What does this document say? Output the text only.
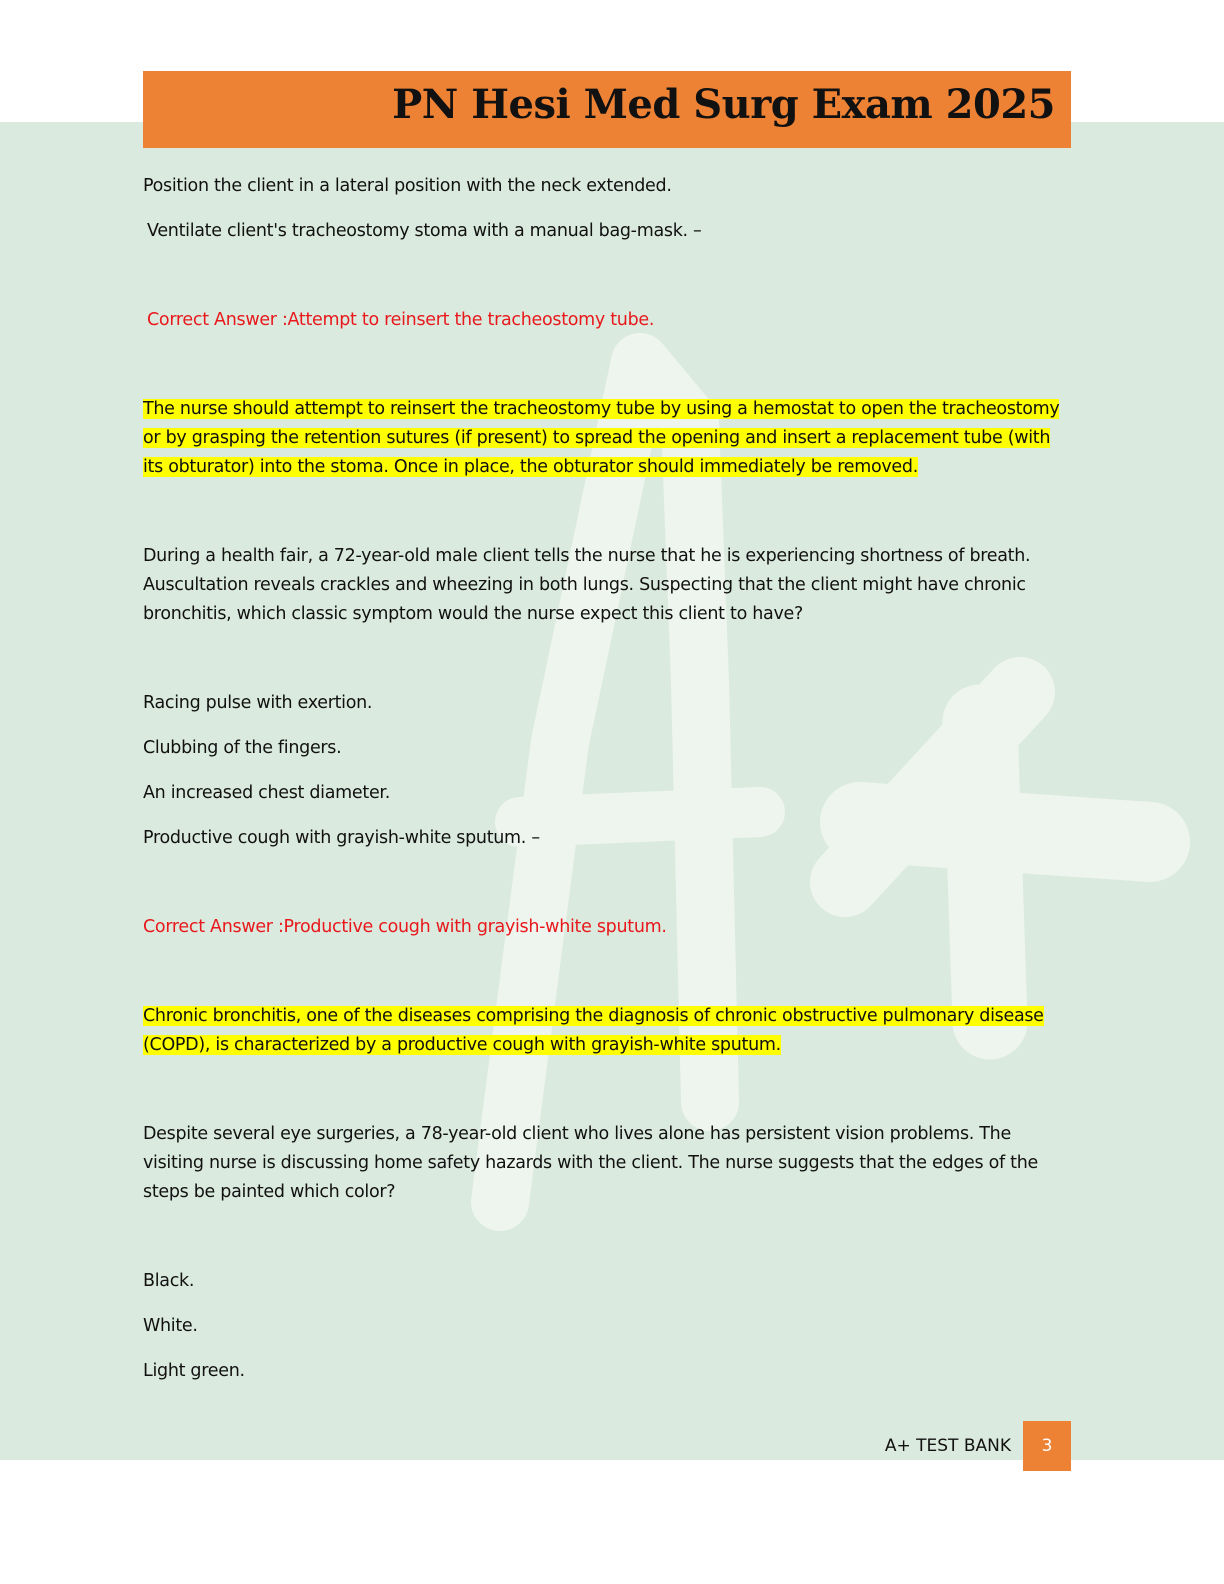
PN Hesi Med Surg Exam 2025

Position the client in a lateral position with the neck extended.

Ventilate client's tracheostomy stoma with a manual bag-mask. –

Correct Answer :Attempt to reinsert the tracheostomy tube.

The nurse should attempt to reinsert the tracheostomy tube by using a hemostat to open the tracheostomy or by grasping the retention sutures (if present) to spread the opening and insert a replacement tube (with its obturator) into the stoma. Once in place, the obturator should immediately be removed.

During a health fair, a 72-year-old male client tells the nurse that he is experiencing shortness of breath. Auscultation reveals crackles and wheezing in both lungs. Suspecting that the client might have chronic bronchitis, which classic symptom would the nurse expect this client to have?

Racing pulse with exertion.

Clubbing of the fingers.

An increased chest diameter.

Productive cough with grayish-white sputum. –

Correct Answer :Productive cough with grayish-white sputum.

Chronic bronchitis, one of the diseases comprising the diagnosis of chronic obstructive pulmonary disease (COPD), is characterized by a productive cough with grayish-white sputum.

Despite several eye surgeries, a 78-year-old client who lives alone has persistent vision problems. The visiting nurse is discussing home safety hazards with the client. The nurse suggests that the edges of the steps be painted which color?

Black.

White.

Light green.

A+ TEST BANK	3
